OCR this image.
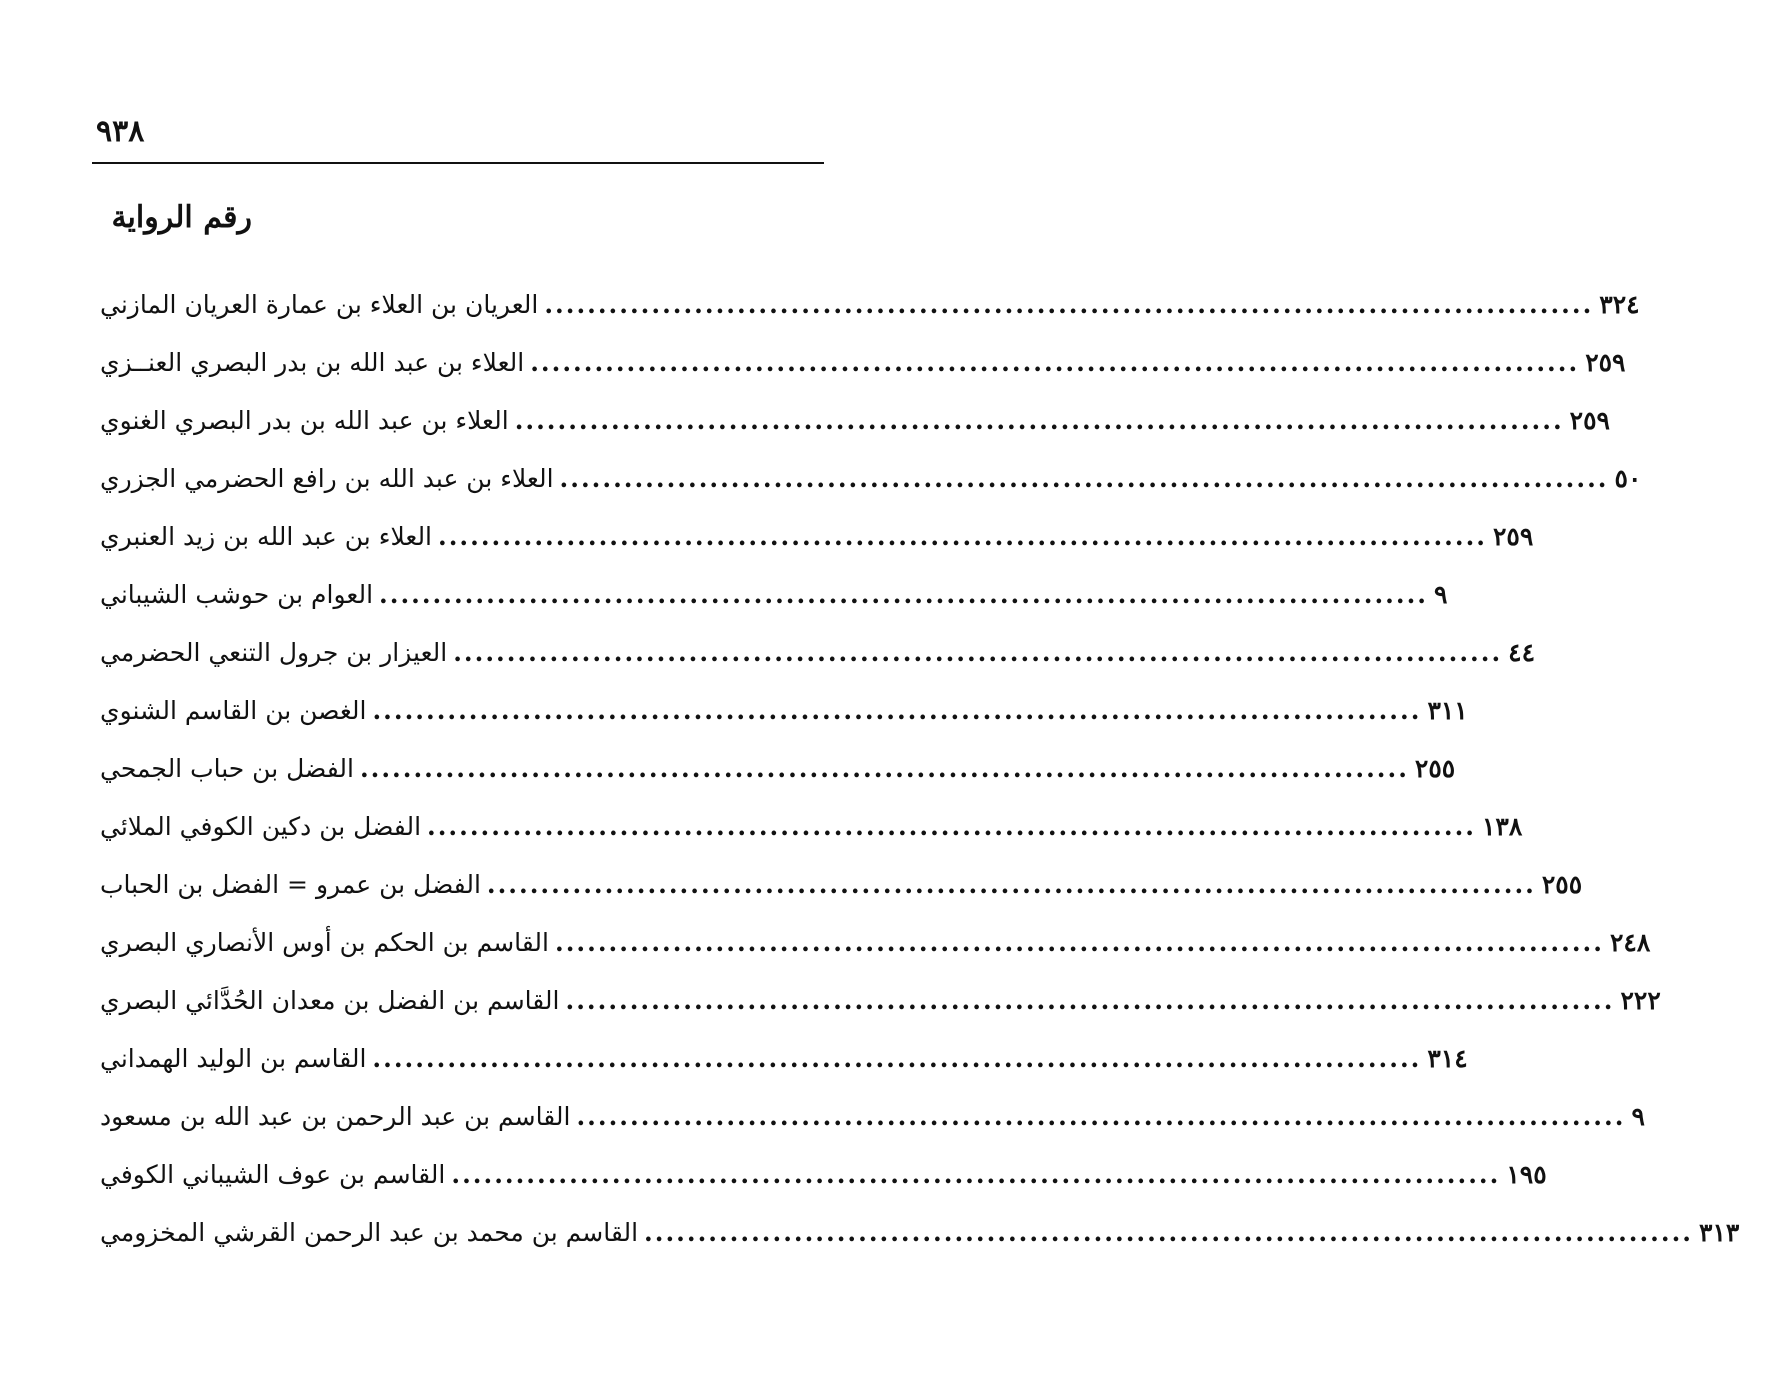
٩٣٨
رقم الرواية
العريان بن العلاء بن عمارة العريان المازني .................................................................................................. ٣٢٤
العلاء بن عبد الله بن بدر البصري العنــزي .................................................................................................. ٢٥٩
العلاء بن عبد الله بن بدر البصري الغنوي .................................................................................................. ٢٥٩
العلاء بن عبد الله بن رافع الحضرمي الجزري .................................................................................................. ٥٠
العلاء بن عبد الله بن زيد العنبري .................................................................................................. ٢٥٩
العوام بن حوشب الشيباني .................................................................................................. ٩
العيزار بن جرول التنعي الحضرمي .................................................................................................. ٤٤
الغصن بن القاسم الشنوي .................................................................................................. ٣١١
الفضل بن حباب الجمحي .................................................................................................. ٢٥٥
الفضل بن دكين الكوفي الملائي .................................................................................................. ١٣٨
الفضل بن عمرو = الفضل بن الحباب .................................................................................................. ٢٥٥
القاسم بن الحكم بن أوس الأنصاري البصري .................................................................................................. ٢٤٨
القاسم بن الفضل بن معدان الحُدَّائي البصري .................................................................................................. ٢٢٢
القاسم بن الوليد الهمداني .................................................................................................. ٣١٤
القاسم بن عبد الرحمن بن عبد الله بن مسعود .................................................................................................. ٩
القاسم بن عوف الشيباني الكوفي .................................................................................................. ١٩٥
القاسم بن محمد بن عبد الرحمن القرشي المخزومي .................................................................................................. ٣١٣
